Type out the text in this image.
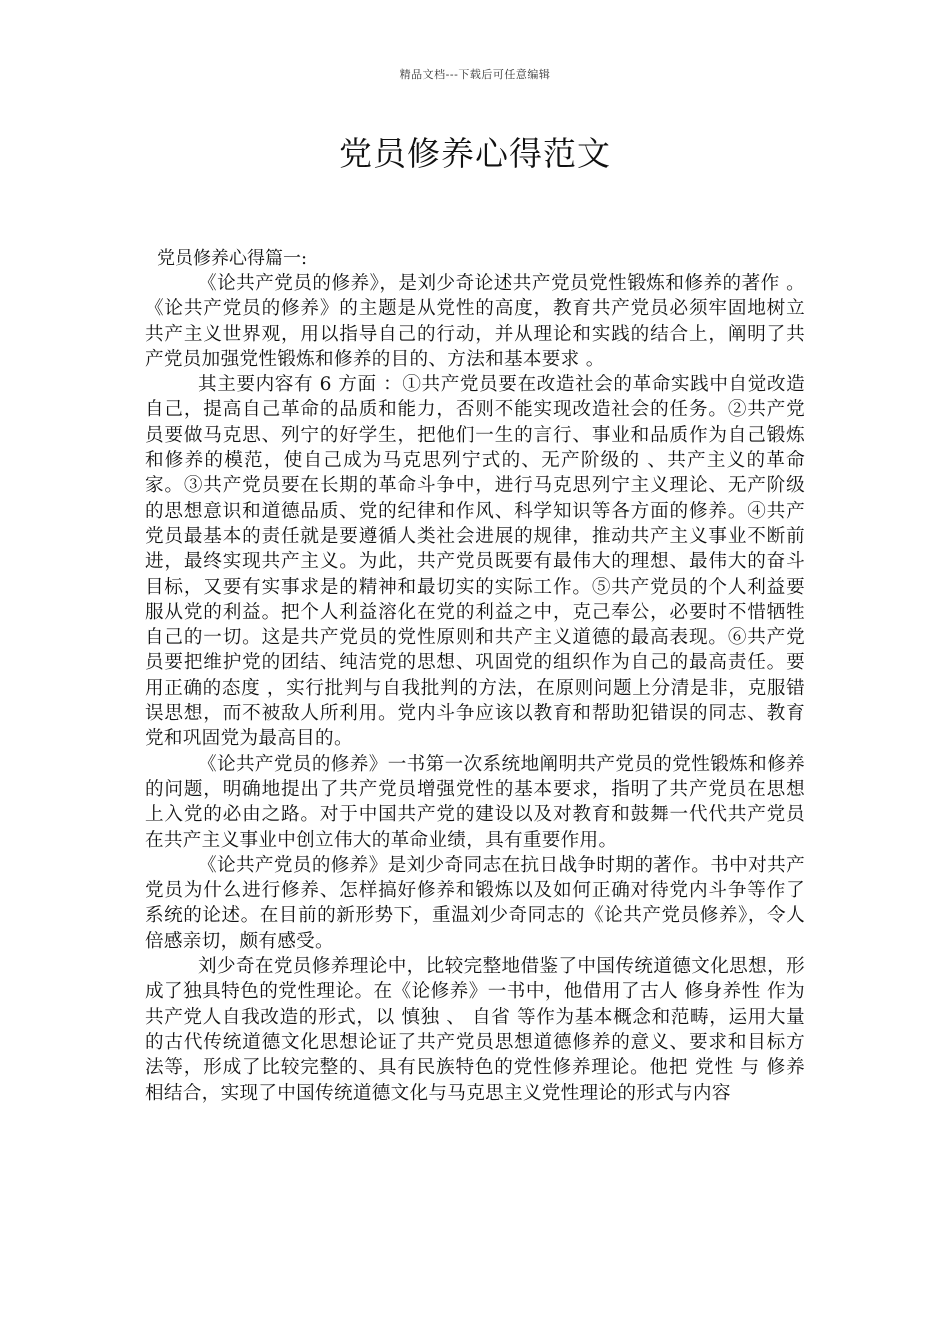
精品文档---下载后可任意编辑
党员修养心得范文

党员修养心得篇一:

《论共产党员的修养》，是刘少奇论述共产党员党性锻炼和修养的著作 。《论共产党员的修养》的主题是从党性的高度，教育共产党员必须牢固地树立共产主义世界观，用以指导自己的行动，并从理论和实践的结合上，阐明了共产党员加强党性锻炼和修养的目的、方法和基本要求 。

其主要内容有 6 方面 ：①共产党员要在改造社会的革命实践中自觉改造自己，提高自己革命的品质和能力，否则不能实现改造社会的任务。②共产党员要做马克思、列宁的好学生，把他们一生的言行、事业和品质作为自己锻炼和修养的模范，使自己成为马克思列宁式的、无产阶级的 、共产主义的革命家。③共产党员要在长期的革命斗争中，进行马克思列宁主义理论、无产阶级的思想意识和道德品质、党的纪律和作风、科学知识等各方面的修养。④共产党员最基本的责任就是要遵循人类社会进展的规律，推动共产主义事业不断前进，最终实现共产主义。为此，共产党员既要有最伟大的理想、最伟大的奋斗目标，又要有实事求是的精神和最切实的实际工作。⑤共产党员的个人利益要服从党的利益。把个人利益溶化在党的利益之中，克己奉公，必要时不惜牺牲自己的一切。这是共产党员的党性原则和共产主义道德的最高表现。⑥共产党员要把维护党的团结、纯洁党的思想、巩固党的组织作为自己的最高责任。要用正确的态度 ，实行批判与自我批判的方法，在原则问题上分清是非，克服错误思想，而不被敌人所利用。党内斗争应该以教育和帮助犯错误的同志、教育党和巩固党为最高目的。

《论共产党员的修养》一书第一次系统地阐明共产党员的党性锻炼和修养的问题，明确地提出了共产党员增强党性的基本要求，指明了共产党员在思想上入党的必由之路。对于中国共产党的建设以及对教育和鼓舞一代代共产党员在共产主义事业中创立伟大的革命业绩，具有重要作用。

《论共产党员的修养》是刘少奇同志在抗日战争时期的著作。书中对共产党员为什么进行修养、怎样搞好修养和锻炼以及如何正确对待党内斗争等作了系统的论述。在目前的新形势下，重温刘少奇同志的《论共产党员修养》，令人倍感亲切，颇有感受。

刘少奇在党员修养理论中，比较完整地借鉴了中国传统道德文化思想，形成了独具特色的党性理论。在《论修养》一书中，他借用了古人 修身养性 作为共产党人自我改造的形式，以 慎独 、 自省 等作为基本概念和范畴，运用大量的古代传统道德文化思想论证了共产党员思想道德修养的意义、要求和目标方法等，形成了比较完整的、具有民族特色的党性修养理论。他把 党性 与 修养 相结合，实现了中国传统道德文化与马克思主义党性理论的形式与内容
